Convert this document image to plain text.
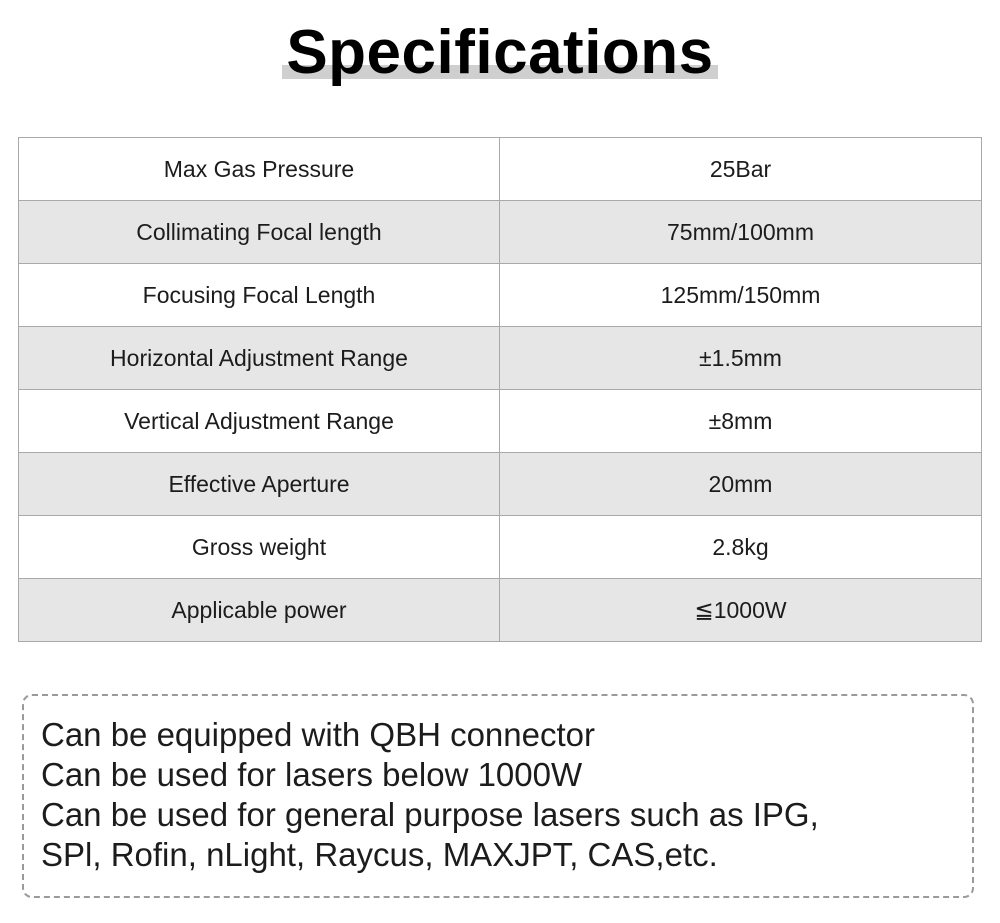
Specifications
Max Gas Pressure	25Bar
Collimating Focal length	75mm/100mm
Focusing Focal Length	125mm/150mm
Horizontal Adjustment Range	±1.5mm
Vertical Adjustment Range	±8mm
Effective Aperture	20mm
Gross weight	2.8kg
Applicable power	≦1000W
Can be equipped with QBH connector
Can be used for lasers below 1000W
Can be used for general purpose lasers such as IPG,
SPl, Rofin, nLight, Raycus, MAXJPT, CAS,etc.
